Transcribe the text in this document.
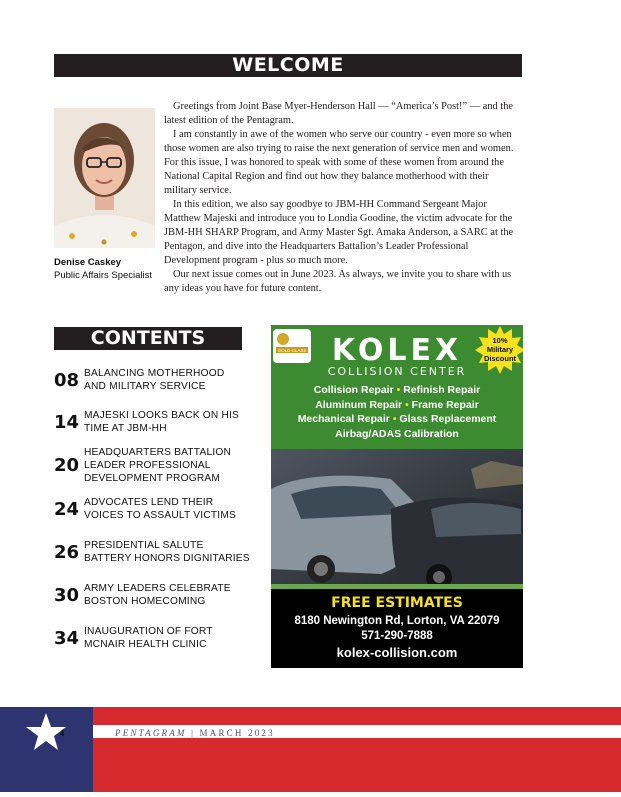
WELCOME
Denise Caskey
Public Affairs Specialist

Greetings from Joint Base Myer-Henderson Hall — “America’s Post!” — and the latest edition of the Pentagram.

I am constantly in awe of the women who serve our country - even more so when those women are also trying to raise the next generation of service men and women. For this issue, I was honored to speak with some of these women from around the National Capital Region and find out how they balance motherhood with their military service.

In this edition, we also say goodbye to JBM-HH Command Sergeant Major Matthew Majeski and introduce you to Londia Goodine, the victim advocate for the JBM-HH SHARP Program, and Army Master Sgt. Amaka Anderson, a SARC at the Pentagon, and dive into the Headquarters Battalion’s Leader Professional Development program - plus so much more.

Our next issue comes out in June 2023. As always, we invite you to share with us any ideas you have for future content.

CONTENTS
08 BALANCING MOTHERHOOD
AND MILITARY SERVICE
14 MAJESKI LOOKS BACK ON HIS
TIME AT JBM-HH
20
HEADQUARTERS BATTALION
LEADER PROFESSIONAL
DEVELOPMENT PROGRAM
24 ADVOCATES LEND THEIR
VOICES TO ASSAULT VICTIMS
26 PRESIDENTIAL SALUTE
BATTERY HONORS DIGNITARIES
30 ARMY LEADERS CELEBRATE
BOSTON HOMECOMING
34 INAUGURATION OF FORT
MCNAIR HEALTH CLINIC
GOLD CLASS KOLEX
COLLISION CENTER
10%
Military
Discount
Collision Repair • Refinish Repair
Aluminum Repair • Frame Repair
Mechanical Repair • Glass Replacement
Airbag/ADAS Calibration
FREE ESTIMATES
8180 Newington Rd, Lorton, VA 22079
571-290-7888
kolex-collision.com
4	PENTAGRAM | MARCH 2023
